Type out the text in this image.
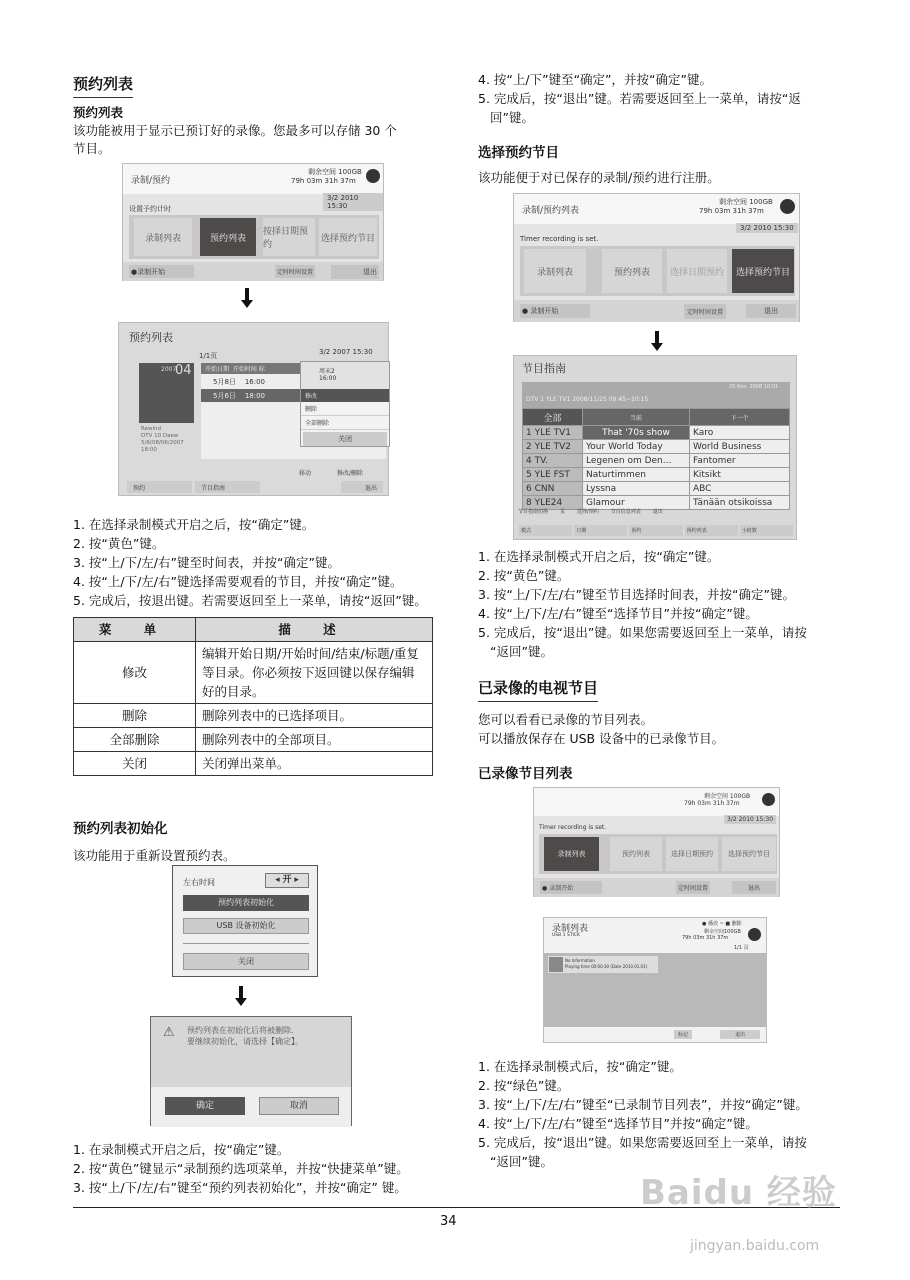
预约列表
预约列表
该功能被用于显示已预订好的录像。您最多可以存储 30 个
节目。
录制/预约
剩余空间 100GB
79h 03m 31h 37m
3/2 2010 15:30
设置予约计时
录制列表	预约列表
按择日期预约
选择预约节目
●录制开始	定时时间设置	退出
预约列表
1/1页	3/2 2007 15:30
2007
04
Rewind
DTV 10 Daew
5/6(08/06/2007
18:00
开始日期 开始时间 标
5月8日 16:00
5月6日 18:00
周末2
16:00
修改
删除
全部删除
关闭
移动	修改/删除
预约	节目指南	退出
1. 在选择录制模式开启之后，按“确定”键。
2. 按“黄色”键。
3. 按“上/下/左/右”键至时间表，并按“确定”键。
4. 按“上/下/左/右”键选择需要观看的节目，并按“确定”键。
5. 完成后，按退出键。若需要返回至上一菜单，请按“返回”键。
菜 单	描 述
修改	编辑开始日期/开始时间/结束/标题/重复等目录。你必须按下返回键以保存编辑好的目录。
删除	删除列表中的已选择项目。
全部删除	删除列表中的全部项目。
关闭	关闭弹出菜单。
预约列表初始化
该功能用于重新设置预约表。
左右时间	◂ 开 ▸
预约列表初始化
USB 设备初始化
关闭
⚠ 预约列表在初始化后将被删除.
要继续初始化，请选择【确定】。
确定	取消
1. 在录制模式开启之后，按“确定”键。
2. 按“黄色”键显示“录制预约选项菜单，并按“快捷菜单”键。
3. 按“上/下/左/右”键至“预约列表初始化”，并按“确定” 键。
4. 按“上/下”键至“确定”，并按“确定”键。
5. 完成后，按“退出”键。若需要返回至上一菜单，请按“返
回”键。
选择预约节目
该功能便于对已保存的录制/预约进行注册。
录制/预约列表
剩余空间 100GB
79h 03m 31h 37m
3/2 2010 15:30
Timer recording is set.
录制列表	预约列表	选择日期预约	选择预约节目
● 录制开始	定时时间设置	退出
节目指南
25 Nov. 2008 10:01
DTV 1 YLE TV1 2008/11/25 09:45~10:15
全部	当前	下一个
1 YLE TV1	That '70s show	Karo
2 YLE TV2	Your World Today	World Business
4 TV.	Legenen om Den...	Fantomer
5 YLE FST	Naturtimmen	Kitsikt
6 CNN	Lyssna	ABC
8 YLE24	Glamour	Tänään otsikoissa
节目指南切换 页 选择/预约 节目信息列表 退出
模式	日期	预约	预约列表	小时数
1. 在选择录制模式开启之后，按“确定”键。
2. 按“黄色”键。
3. 按“上/下/左/右”键至节目选择时间表，并按“确定”键。
4. 按“上/下/左/右”键至“选择节目”并按“确定”键。
5. 完成后，按“退出”键。如果您需要返回至上一菜单，请按
“返回”键。
已录像的电视节目
您可以看看已录像的节目列表。
可以播放保存在 USB 设备中的已录像节目。
已录像节目列表
剩余空间 100GB
79h 03m 31h 37m
3/2 2010 15:30
Timer recording is set.
录制列表	预约列表	选择日期预约	选择预约节目
● 录制开始	定时间设置	退出
录制列表
USB 1 STICK
● 播放 ~ ■ 删除
剩余空间100GB
79h 03m 31h 37m
1/1 页
No Information
Playing time 00:00:30 (Date 2010.01.01)
标记	退出
1. 在选择录制模式后，按“确定”键。
2. 按“绿色”键。
3. 按“上/下/左/右”键至“已录制节目列表”，并按“确定”键。
4. 按“上/下/左/右”键至“选择节目”并按“确定”键。
5. 完成后，按“退出”键。如果您需要返回至上一菜单，请按
“返回”键。
34
Baidu 经验
jingyan.baidu.com
